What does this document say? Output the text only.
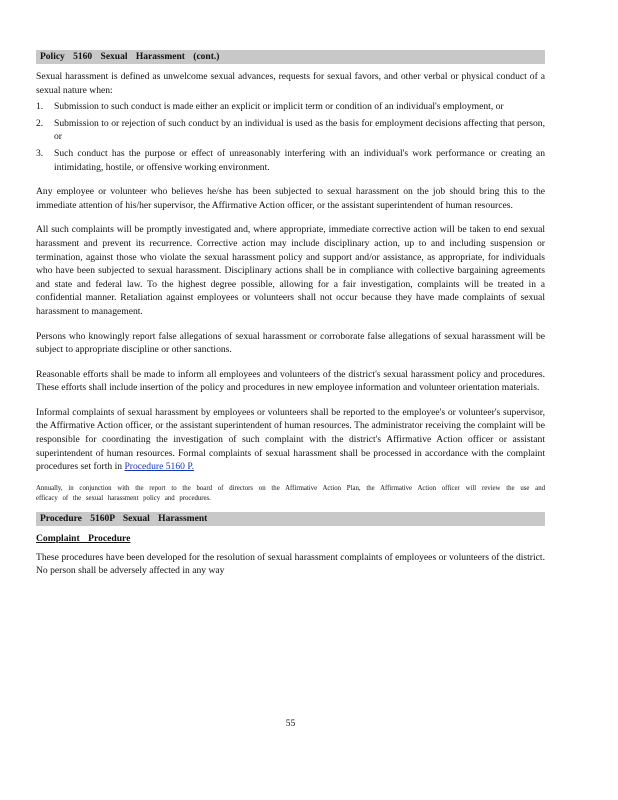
Policy 5160 Sexual Harassment (cont.)

Sexual harassment is defined as unwelcome sexual advances, requests for sexual favors, and other verbal or physical conduct of a sexual nature when:

1. Submission to such conduct is made either an explicit or implicit term or condition of an individual's employment, or
2. Submission to or rejection of such conduct by an individual is used as the basis for employment decisions affecting that person, or
3. Such conduct has the purpose or effect of unreasonably interfering with an individual's work performance or creating an intimidating, hostile, or offensive working environment.

Any employee or volunteer who believes he/she has been subjected to sexual harassment on the job should bring this to the immediate attention of his/her supervisor, the Affirmative Action officer, or the assistant superintendent of human resources.

All such complaints will be promptly investigated and, where appropriate, immediate corrective action will be taken to end sexual harassment and prevent its recurrence. Corrective action may include disciplinary action, up to and including suspension or termination, against those who violate the sexual harassment policy and support and/or assistance, as appropriate, for individuals who have been subjected to sexual harassment. Disciplinary actions shall be in compliance with collective bargaining agreements and state and federal law. To the highest degree possible, allowing for a fair investigation, complaints will be treated in a confidential manner. Retaliation against employees or volunteers shall not occur because they have made complaints of sexual harassment to management.

Persons who knowingly report false allegations of sexual harassment or corroborate false allegations of sexual harassment will be subject to appropriate discipline or other sanctions.

Reasonable efforts shall be made to inform all employees and volunteers of the district's sexual harassment policy and procedures. These efforts shall include insertion of the policy and procedures in new employee information and volunteer orientation materials.

Informal complaints of sexual harassment by employees or volunteers shall be reported to the employee's or volunteer's supervisor, the Affirmative Action officer, or the assistant superintendent of human resources. The administrator receiving the complaint will be responsible for coordinating the investigation of such complaint with the district's Affirmative Action officer or assistant superintendent of human resources. Formal complaints of sexual harassment shall be processed in accordance with the complaint procedures set forth in Procedure 5160 P.

Annually, in conjunction with the report to the board of directors on the Affirmative Action Plan, the Affirmative Action officer will review the use and efficacy of the sexual harassment policy and procedures.

Procedure 5160P Sexual Harassment
Complaint Procedure

These procedures have been developed for the resolution of sexual harassment complaints of employees or volunteers of the district. No person shall be adversely affected in any way

55
